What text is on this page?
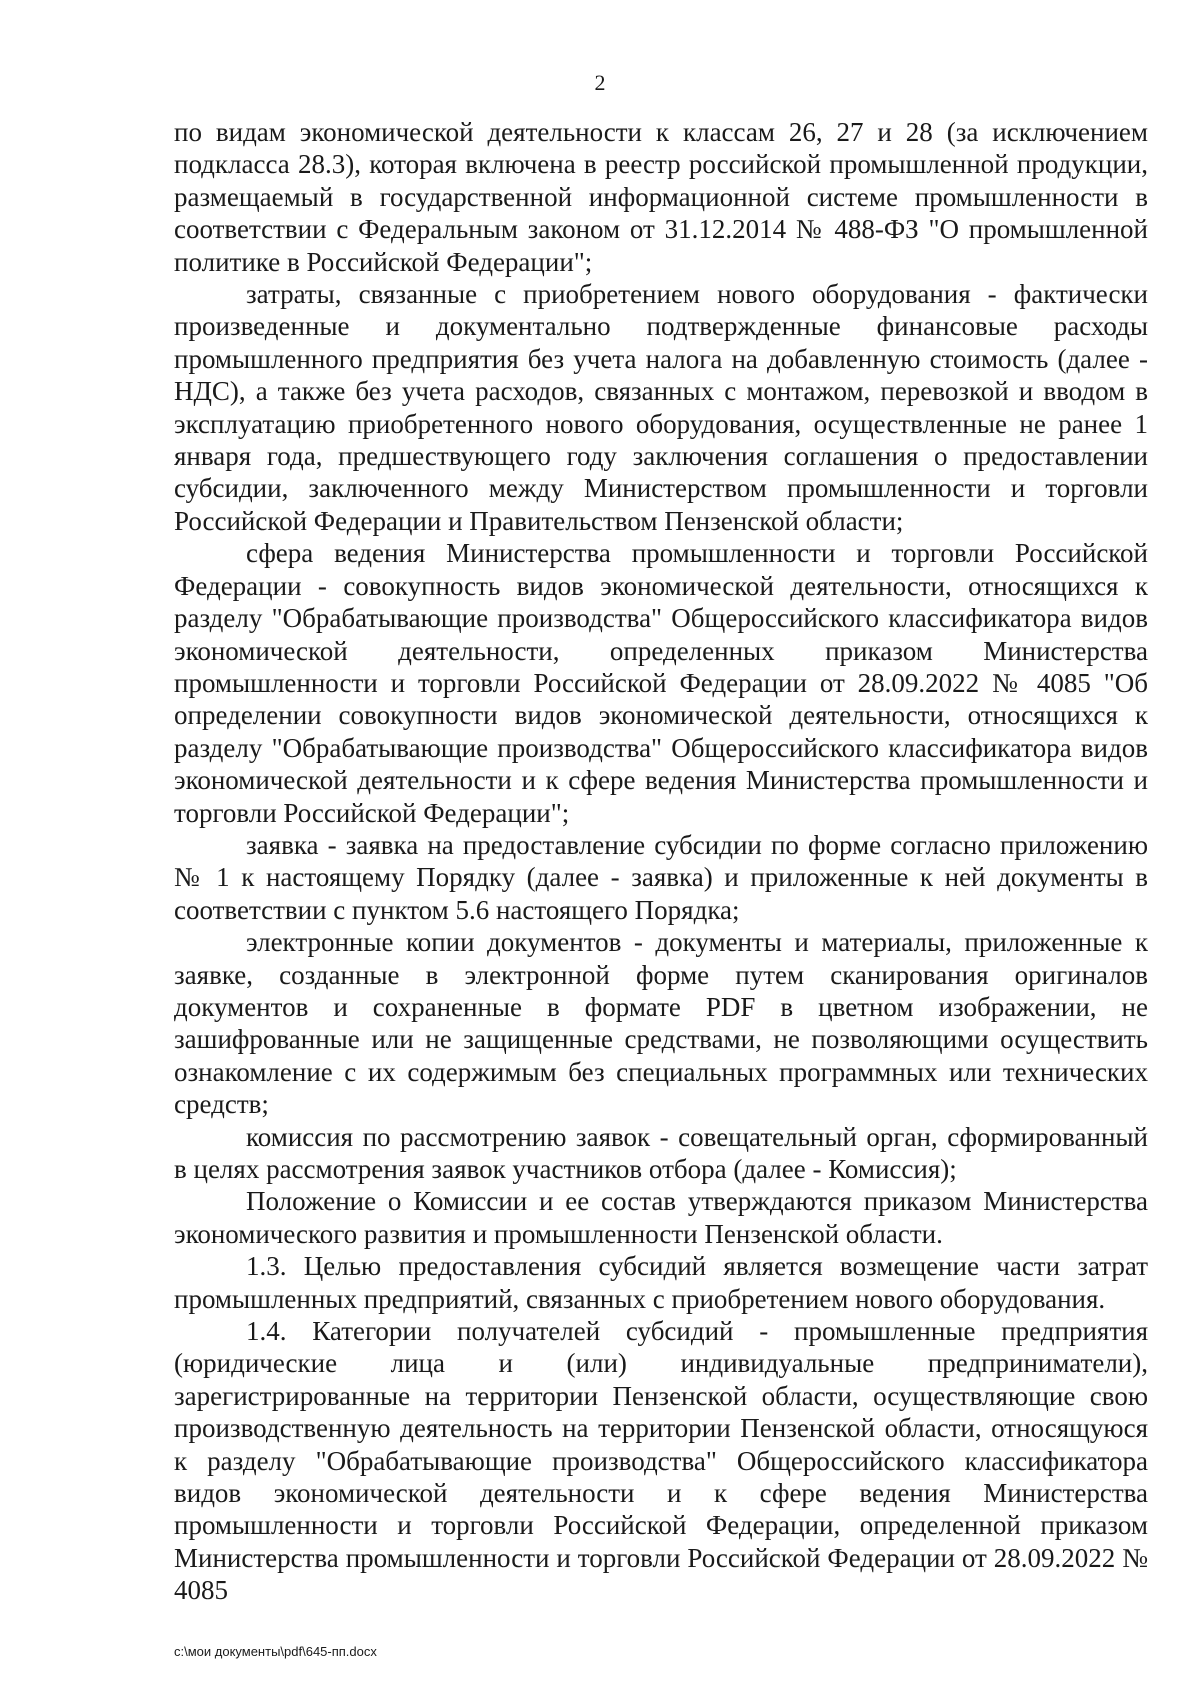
2

по видам экономической деятельности к классам 26, 27 и 28 (за исключением подкласса 28.3), которая включена в реестр российской промышленной продукции, размещаемый в государственной информационной системе промышленности в соответствии с Федеральным законом от 31.12.2014 № 488-ФЗ "О промышленной политике в Российской Федерации";

затраты, связанные с приобретением нового оборудования - фактически произведенные и документально подтвержденные финансовые расходы промышленного предприятия без учета налога на добавленную стоимость (далее - НДС), а также без учета расходов, связанных с монтажом, перевозкой и вводом в эксплуатацию приобретенного нового оборудования, осуществленные не ранее 1 января года, предшествующего году заключения соглашения о предоставлении субсидии, заключенного между Министерством промышленности и торговли Российской Федерации и Правительством Пензенской области;

сфера ведения Министерства промышленности и торговли Российской Федерации - совокупность видов экономической деятельности, относящихся к разделу "Обрабатывающие производства" Общероссийского классификатора видов экономической деятельности, определенных приказом Министерства промышленности и торговли Российской Федерации от 28.09.2022 № 4085 "Об определении совокупности видов экономической деятельности, относящихся к разделу "Обрабатывающие производства" Общероссийского классификатора видов экономической деятельности и к сфере ведения Министерства промышленности и торговли Российской Федерации";

заявка - заявка на предоставление субсидии по форме согласно приложению № 1 к настоящему Порядку (далее - заявка) и приложенные к ней документы в соответствии с пунктом 5.6 настоящего Порядка;

электронные копии документов - документы и материалы, приложенные к заявке, созданные в электронной форме путем сканирования оригиналов документов и сохраненные в формате PDF в цветном изображении, не зашифрованные или не защищенные средствами, не позволяющими осуществить ознакомление с их содержимым без специальных программных или технических средств;

комиссия по рассмотрению заявок - совещательный орган, сформированный в целях рассмотрения заявок участников отбора (далее - Комиссия);

Положение о Комиссии и ее состав утверждаются приказом Министерства экономического развития и промышленности Пензенской области.

1.3. Целью предоставления субсидий является возмещение части затрат промышленных предприятий, связанных с приобретением нового оборудования.

1.4. Категории получателей субсидий - промышленные предприятия (юридические лица и (или) индивидуальные предприниматели), зарегистрированные на территории Пензенской области, осуществляющие свою производственную деятельность на территории Пензенской области, относящуюся к разделу "Обрабатывающие производства" Общероссийского классификатора видов экономической деятельности и к сфере ведения Министерства промышленности и торговли Российской Федерации, определенной приказом Министерства промышленности и торговли Российской Федерации от 28.09.2022 № 4085

c:\мои документы\pdf\645-пп.docx
